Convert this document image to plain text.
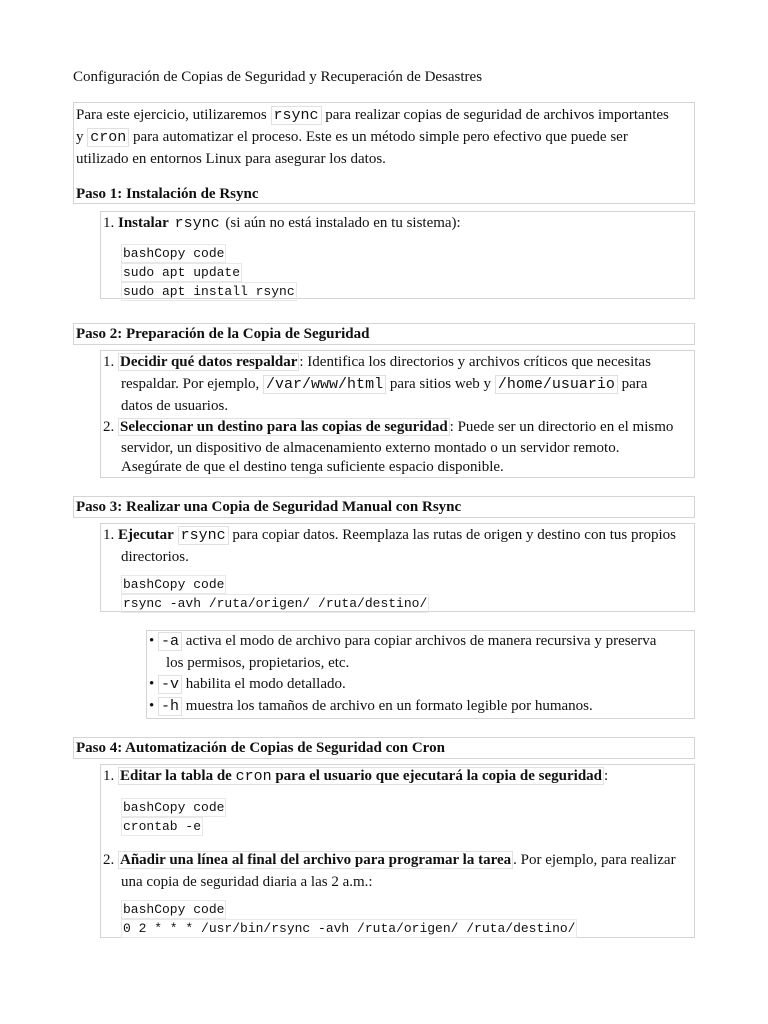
Configuración de Copias de Seguridad y Recuperación de Desastres
Para este ejercicio, utilizaremos rsync para realizar copias de seguridad de archivos importantes
y cron para automatizar el proceso. Este es un método simple pero efectivo que puede ser
utilizado en entornos Linux para asegurar los datos.
Paso 1: Instalación de Rsync
1. Instalar rsync (si aún no está instalado en tu sistema):
bashCopy code
sudo apt update
sudo apt install rsync
Paso 2: Preparación de la Copia de Seguridad
1. Decidir qué datos respaldar : Identifica los directorios y archivos críticos que necesitas
respaldar. Por ejemplo, /var/www/html para sitios web y /home/usuario para
datos de usuarios.
2. Seleccionar un destino para las copias de seguridad : Puede ser un directorio en el mismo
servidor, un dispositivo de almacenamiento externo montado o un servidor remoto.
Asegúrate de que el destino tenga suficiente espacio disponible.
Paso 3: Realizar una Copia de Seguridad Manual con Rsync
1. Ejecutar rsync para copiar datos. Reemplaza las rutas de origen y destino con tus propios
directorios.
bashCopy code
rsync -avh /ruta/origen/ /ruta/destino/
• -a activa el modo de archivo para copiar archivos de manera recursiva y preserva
los permisos, propietarios, etc.
• -v habilita el modo detallado.
• -h muestra los tamaños de archivo en un formato legible por humanos.
Paso 4: Automatización de Copias de Seguridad con Cron
1. Editar la tabla de cron para el usuario que ejecutará la copia de seguridad :
bashCopy code
crontab -e
2. Añadir una línea al final del archivo para programar la tarea . Por ejemplo, para realizar
una copia de seguridad diaria a las 2 a.m.:
bashCopy code
0 2 * * * /usr/bin/rsync -avh /ruta/origen/ /ruta/destino/
